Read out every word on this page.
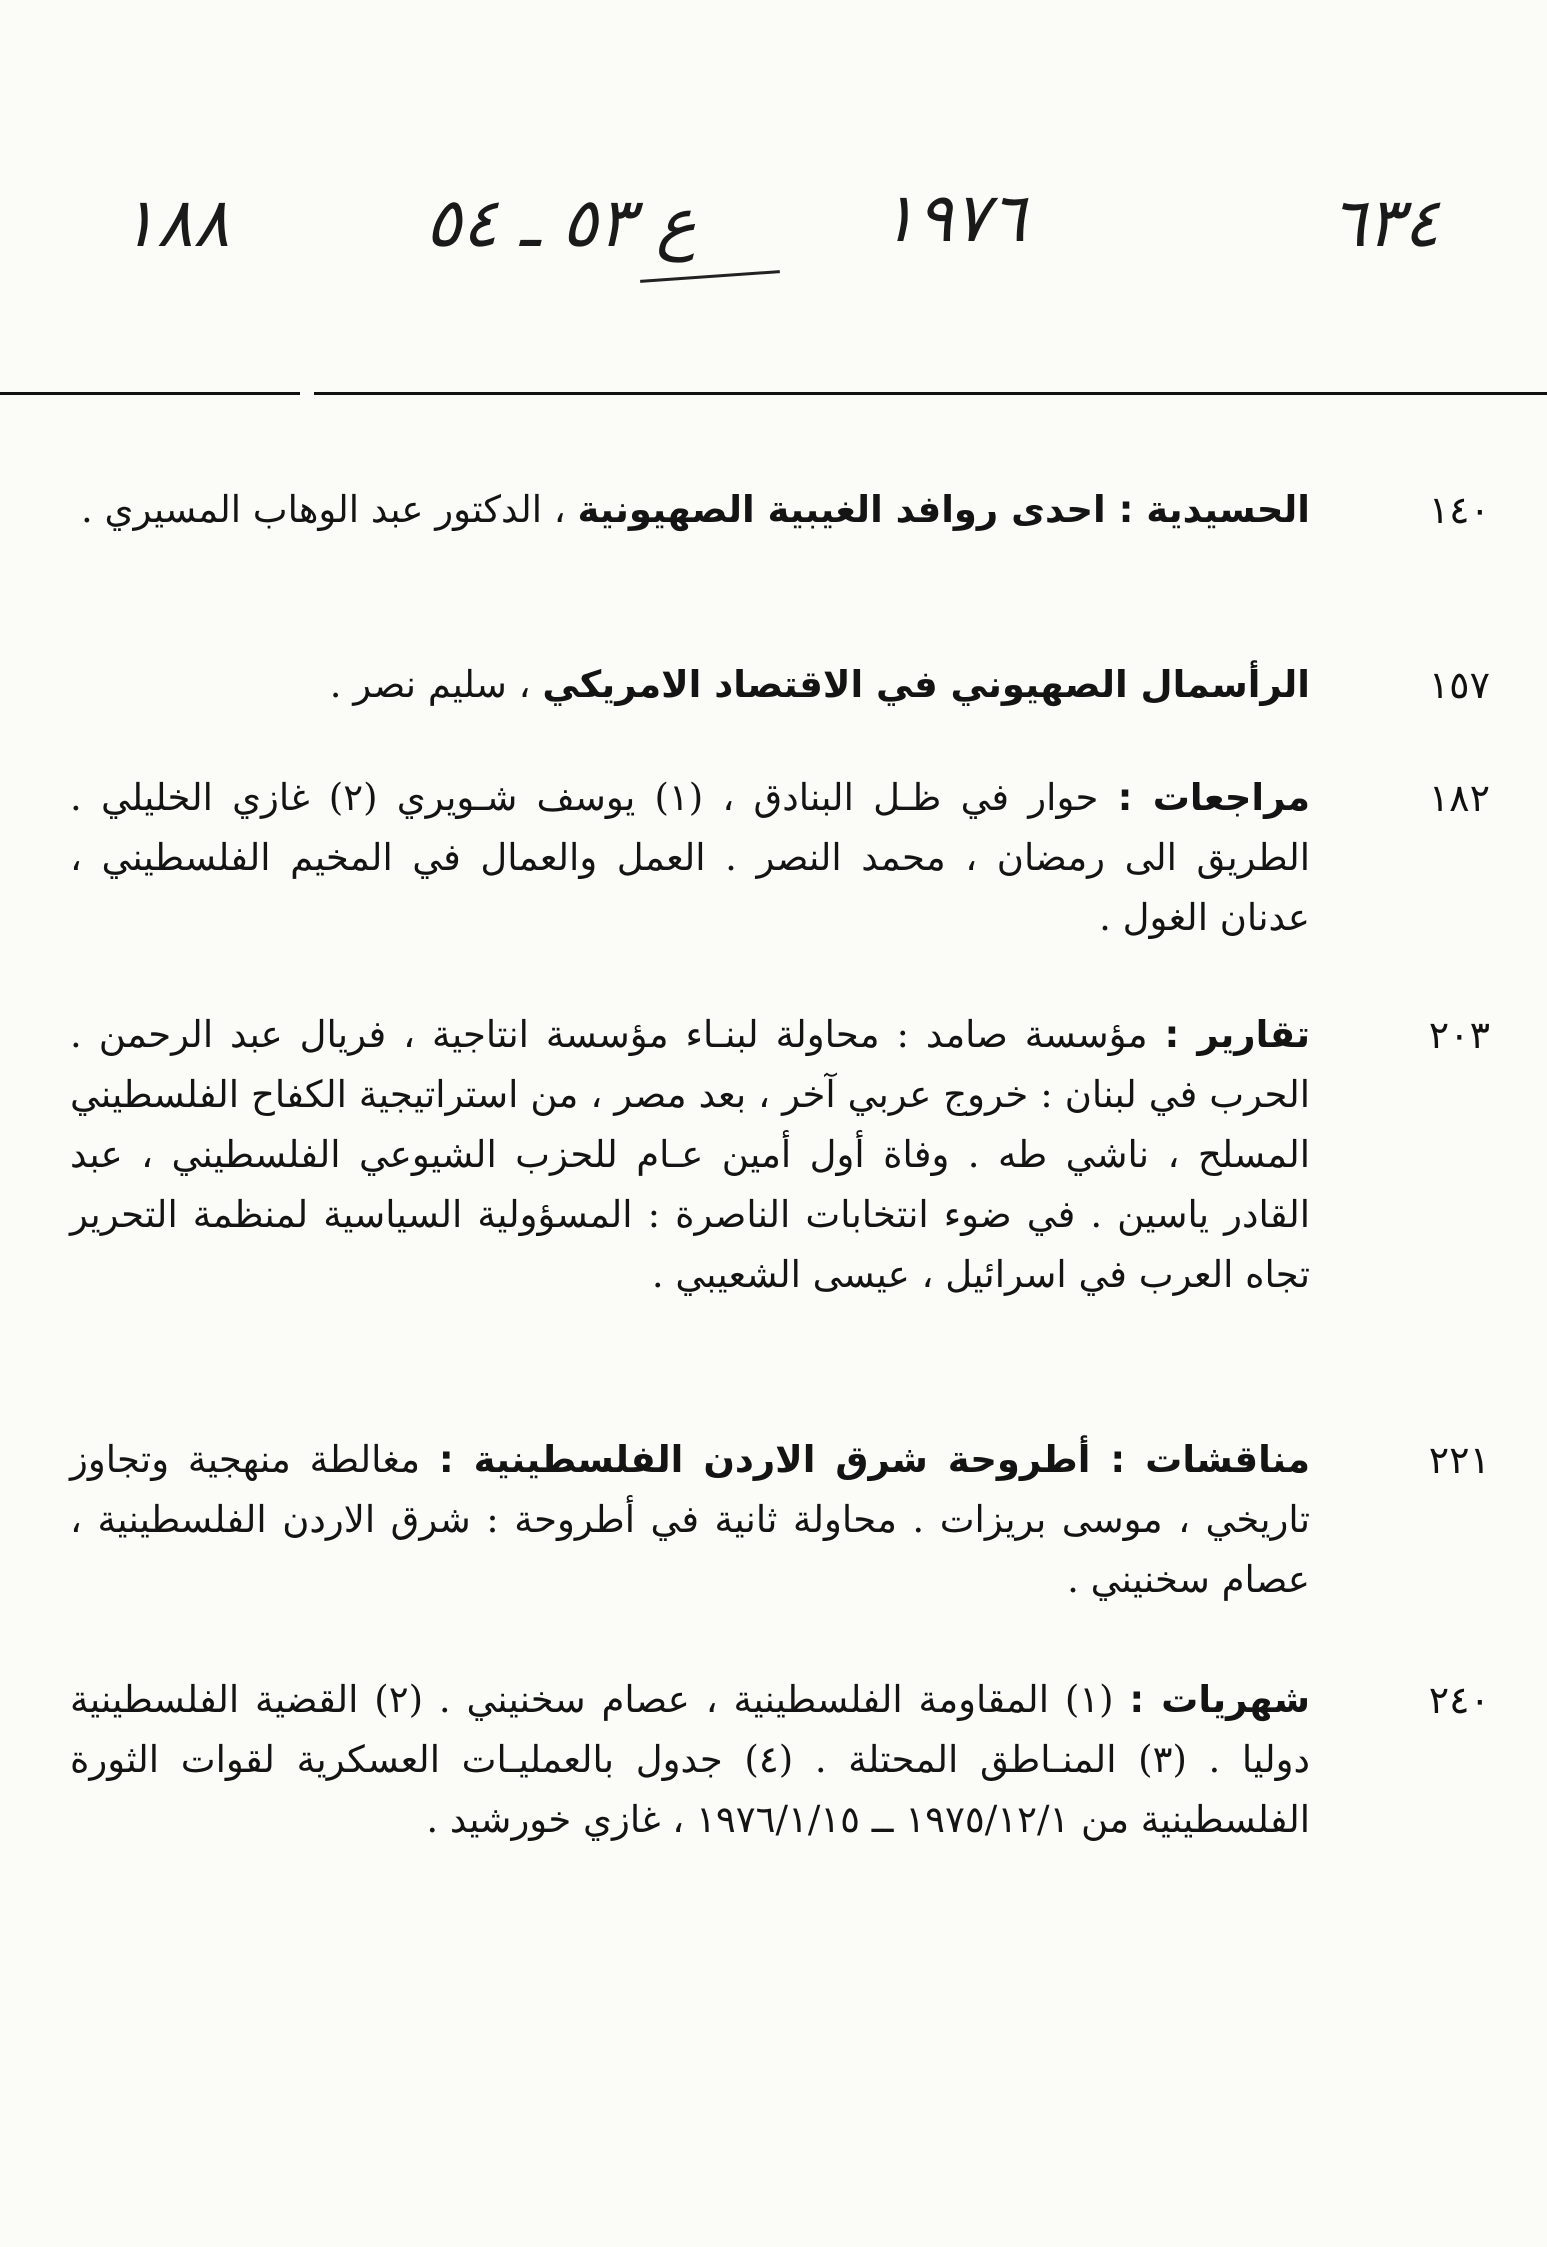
٦٣٤
١٩٧٦
ع ٥٣ ـ ٥٤
١٨٨
١٤٠
الحسيدية : احدى روافد الغيبية الصهيونية ، الدكتور عبد الوهاب المسيري .
١٥٧
الرأسمال الصهيوني في الاقتصاد الامريكي ، سليم نصر .
١٨٢
مراجعات : حوار في ظـل البنادق ، (١) يوسف شـويري (٢) غازي الخليلي . الطريق الى رمضان ، محمد النصر . العمل والعمال في المخيم الفلسطيني ، عدنان الغول .
٢٠٣
تقارير : مؤسسة صامد : محاولة لبنـاء مؤسسة انتاجية ، فريال عبد الرحمن . الحرب في لبنان : خروج عربي آخر ، بعد مصر ، من استراتيجية الكفاح الفلسطيني المسلح ، ناشي طه . وفاة أول أمين عـام للحزب الشيوعي الفلسطيني ، عبد القادر ياسين . في ضوء انتخابات الناصرة : المسؤولية السياسية لمنظمة التحرير تجاه العرب في اسرائيل ، عيسى الشعيبي .
٢٢١
مناقشات : أطروحة شرق الاردن الفلسطينية : مغالطة منهجية وتجاوز تاريخي ، موسى بريزات . محاولة ثانية في أطروحة : شرق الاردن الفلسطينية ، عصام سخنيني .
٢٤٠
شهريات : (١) المقاومة الفلسطينية ، عصام سخنيني . (٢) القضية الفلسطينية دوليا . (٣) المنـاطق المحتلة . (٤) جدول بالعمليـات العسكرية لقوات الثورة الفلسطينية من ١٩٧٥/١٢/١ ــ ١٩٧٦/١/١٥ ، غازي خورشيد .
